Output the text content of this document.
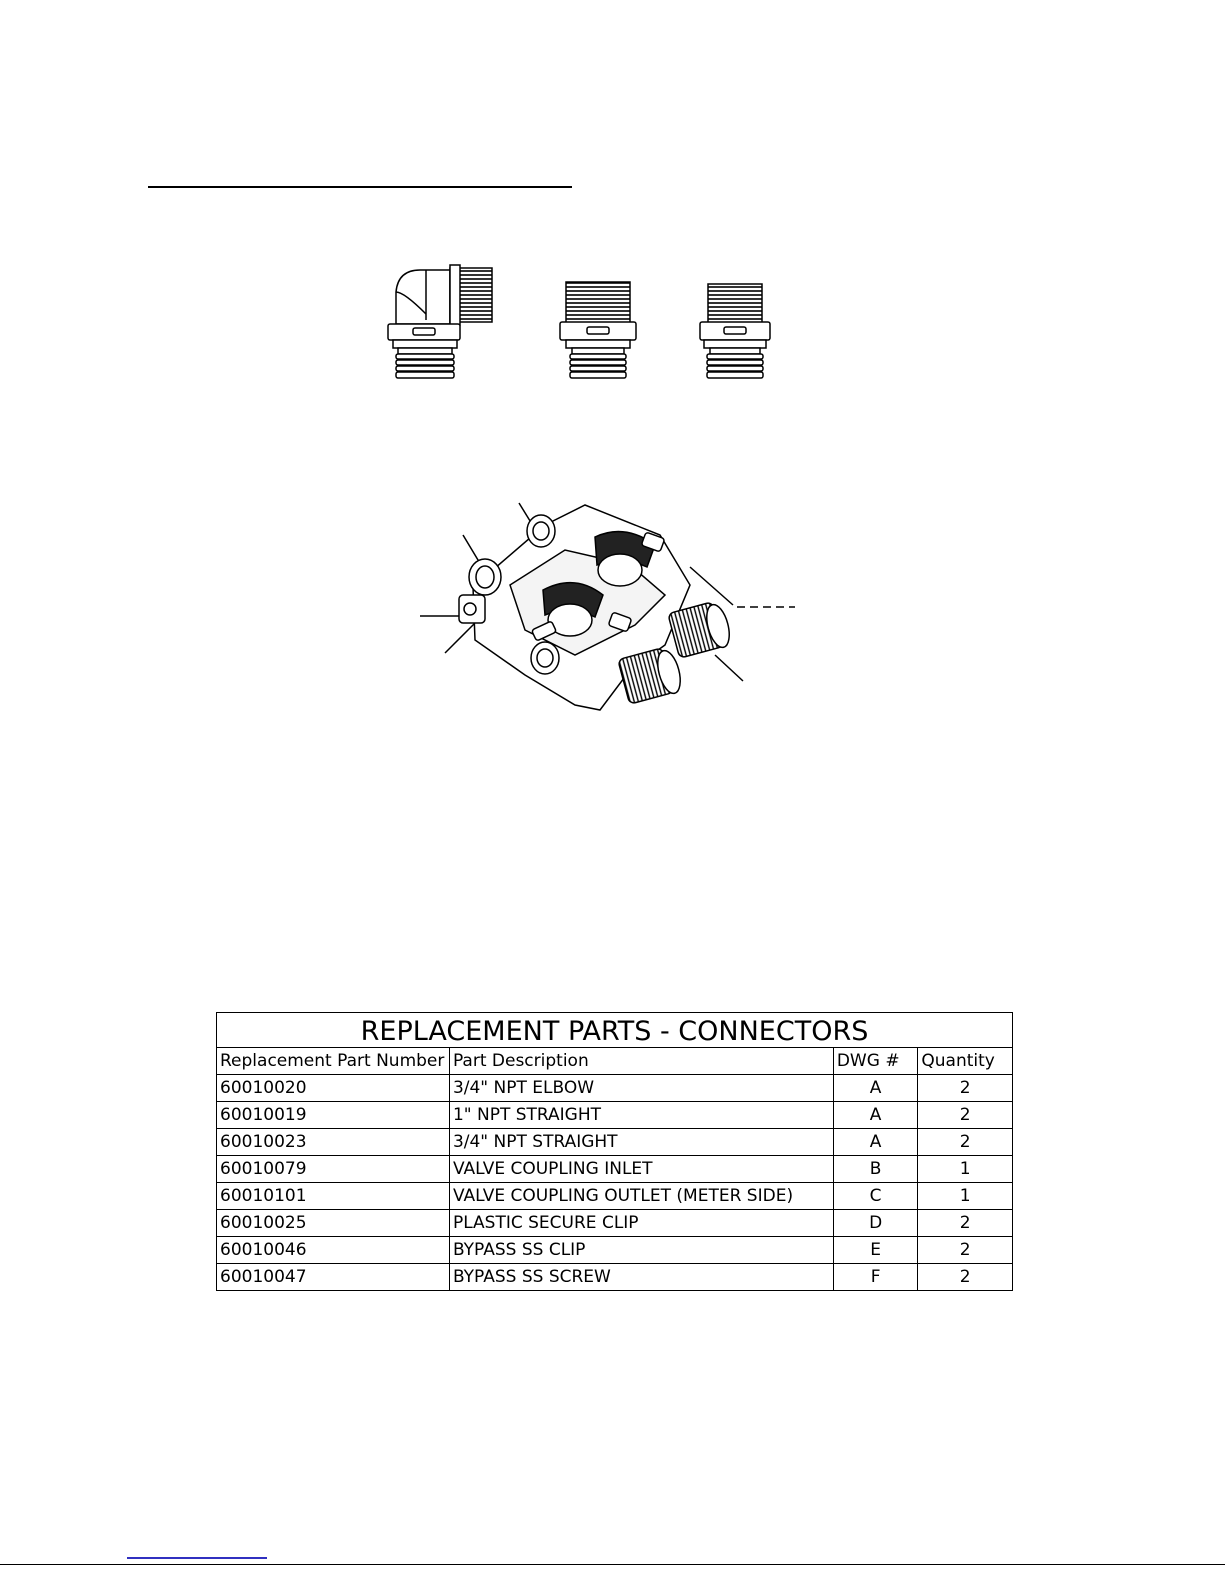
REPLACEMENT PARTS - CONNECTORS			
Replacement Part Number	Part Description	DWG #	Quantity
60010020	3/4" NPT ELBOW	A	2
60010019	1" NPT STRAIGHT	A	2
60010023	3/4" NPT STRAIGHT	A	2
60010079	VALVE COUPLING INLET	B	1
60010101	VALVE COUPLING OUTLET (METER SIDE)	C	1
60010025	PLASTIC SECURE CLIP	D	2
60010046	BYPASS SS CLIP	E	2
60010047	BYPASS SS SCREW	F	2
